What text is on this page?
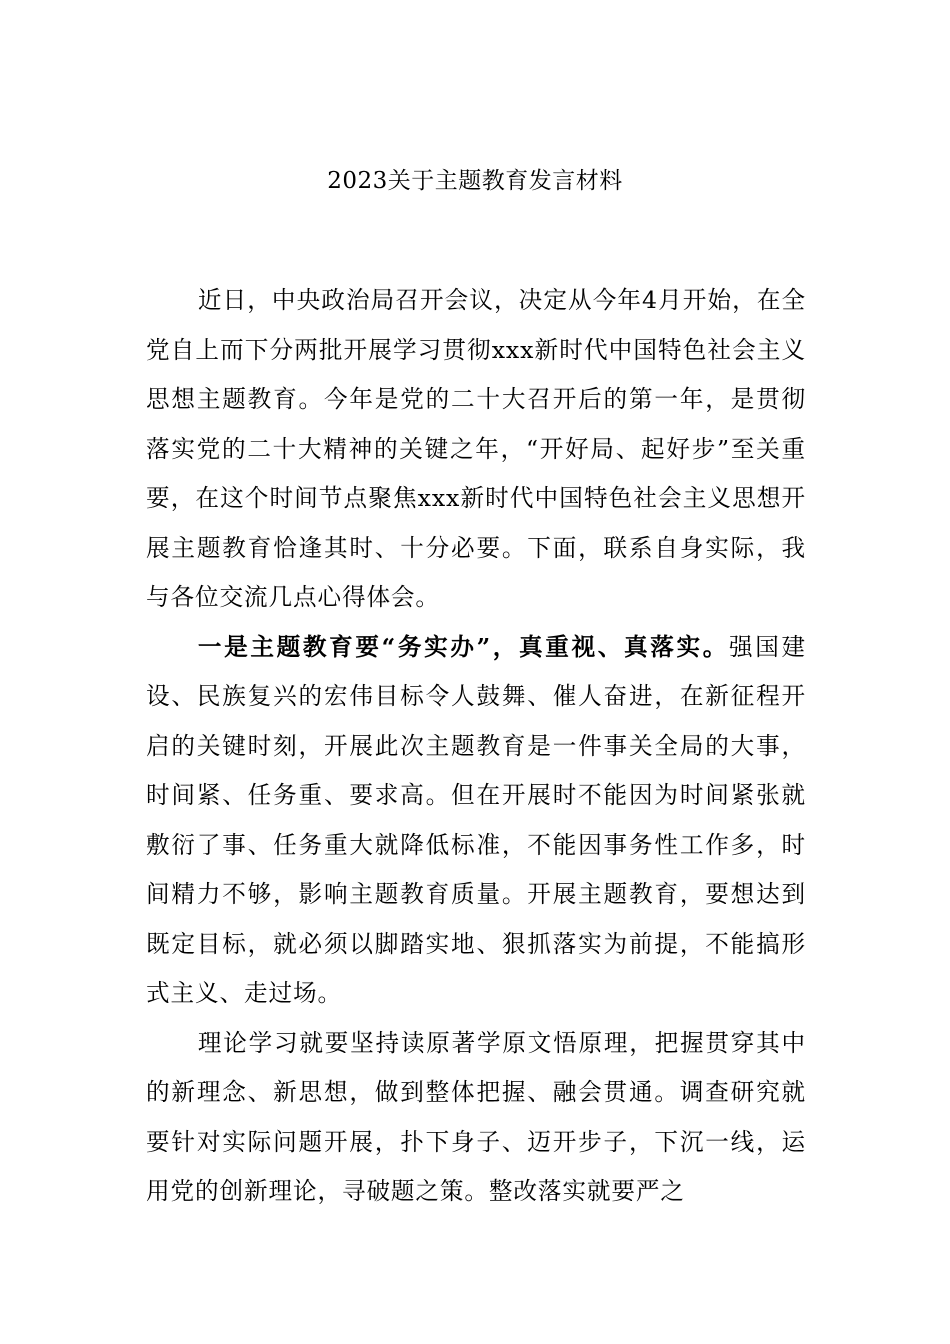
2023关于主题教育发言材料

近日，中央政治局召开会议，决定从今年4月开始，在全党自上而下分两批开展学习贯彻xxx新时代中国特色社会主义思想主题教育。今年是党的二十大召开后的第一年，是贯彻落实党的二十大精神的关键之年，“开好局、起好步”至关重要，在这个时间节点聚焦xxx新时代中国特色社会主义思想开展主题教育恰逢其时、十分必要。下面，联系自身实际，我与各位交流几点心得体会。

一是主题教育要“务实办”，真重视、真落实。强国建设、民族复兴的宏伟目标令人鼓舞、催人奋进，在新征程开启的关键时刻，开展此次主题教育是一件事关全局的大事，时间紧、任务重、要求高。但在开展时不能因为时间紧张就敷衍了事、任务重大就降低标准，不能因事务性工作多，时间精力不够，影响主题教育质量。开展主题教育，要想达到既定目标，就必须以脚踏实地、狠抓落实为前提，不能搞形式主义、走过场。

理论学习就要坚持读原著学原文悟原理，把握贯穿其中的新理念、新思想，做到整体把握、融会贯通。调查研究就要针对实际问题开展，扑下身子、迈开步子，下沉一线，运用党的创新理论，寻破题之策。整改落实就要严之
